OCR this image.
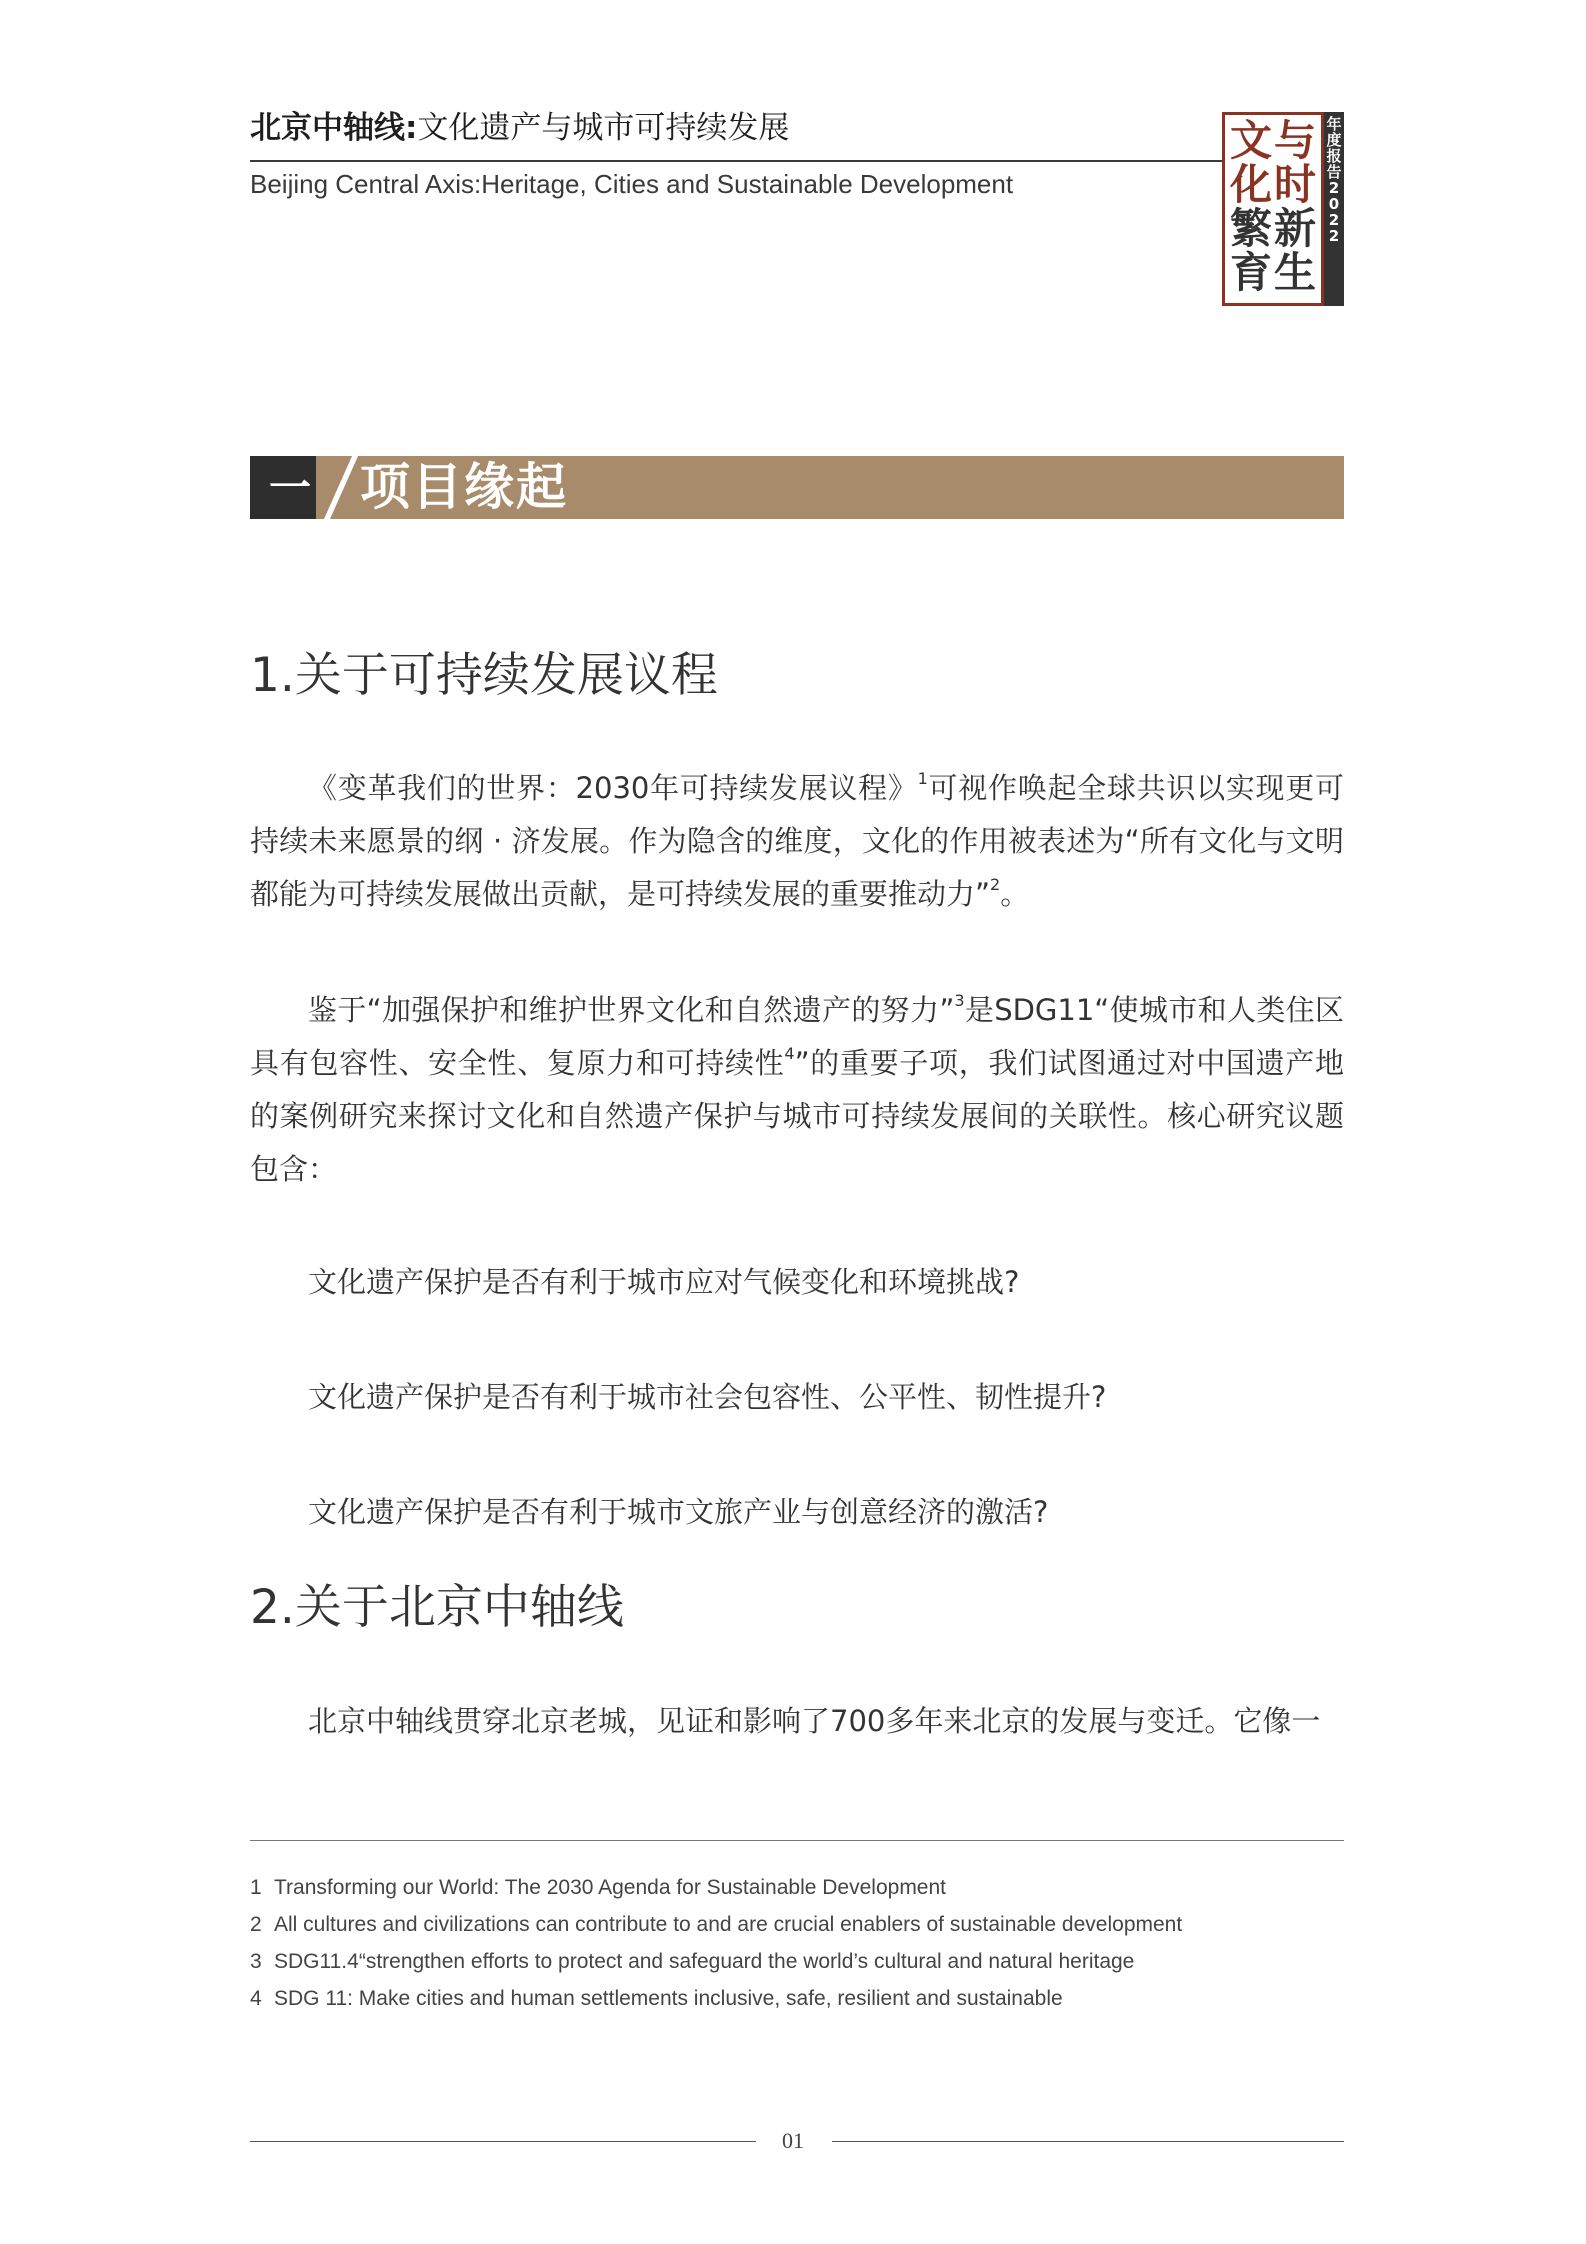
北京中轴线:文化遗产与城市可持续发展
Beijing Central Axis:Heritage, Cities and Sustainable Development
文 与
化 时
繁 新
育 生
年度报告2022
一 项目缘起
1.关于可持续发展议程

《变革我们的世界：2030年可持续发展议程》$^1$可视作唤起全球共识以实现更可持续未来愿景的纲 · 济发展。作为隐含的维度，文化的作用被表述为“所有文化与文明都能为可持续发展做出贡献，是可持续发展的重要推动力”$^2$。

鉴于“加强保护和维护世界文化和自然遗产的努力”$^3$是SDG11“使城市和人类住区具有包容性、安全性、复原力和可持续性$^4$”的重要子项，我们试图通过对中国遗产地的案例研究来探讨文化和自然遗产保护与城市可持续发展间的关联性。核心研究议题包含：

文化遗产保护是否有利于城市应对气候变化和环境挑战?
文化遗产保护是否有利于城市社会包容性、公平性、韧性提升?
文化遗产保护是否有利于城市文旅产业与创意经济的激活?
2.关于北京中轴线
北京中轴线贯穿北京老城，见证和影响了700多年来北京的发展与变迁。它像一
1 Transforming our World: The 2030 Agenda for Sustainable Development
2 All cultures and civilizations can contribute to and are crucial enablers of sustainable development
3 SDG11.4“strengthen efforts to protect and safeguard the world’s cultural and natural heritage
4 SDG 11: Make cities and human settlements inclusive, safe, resilient and sustainable
01
